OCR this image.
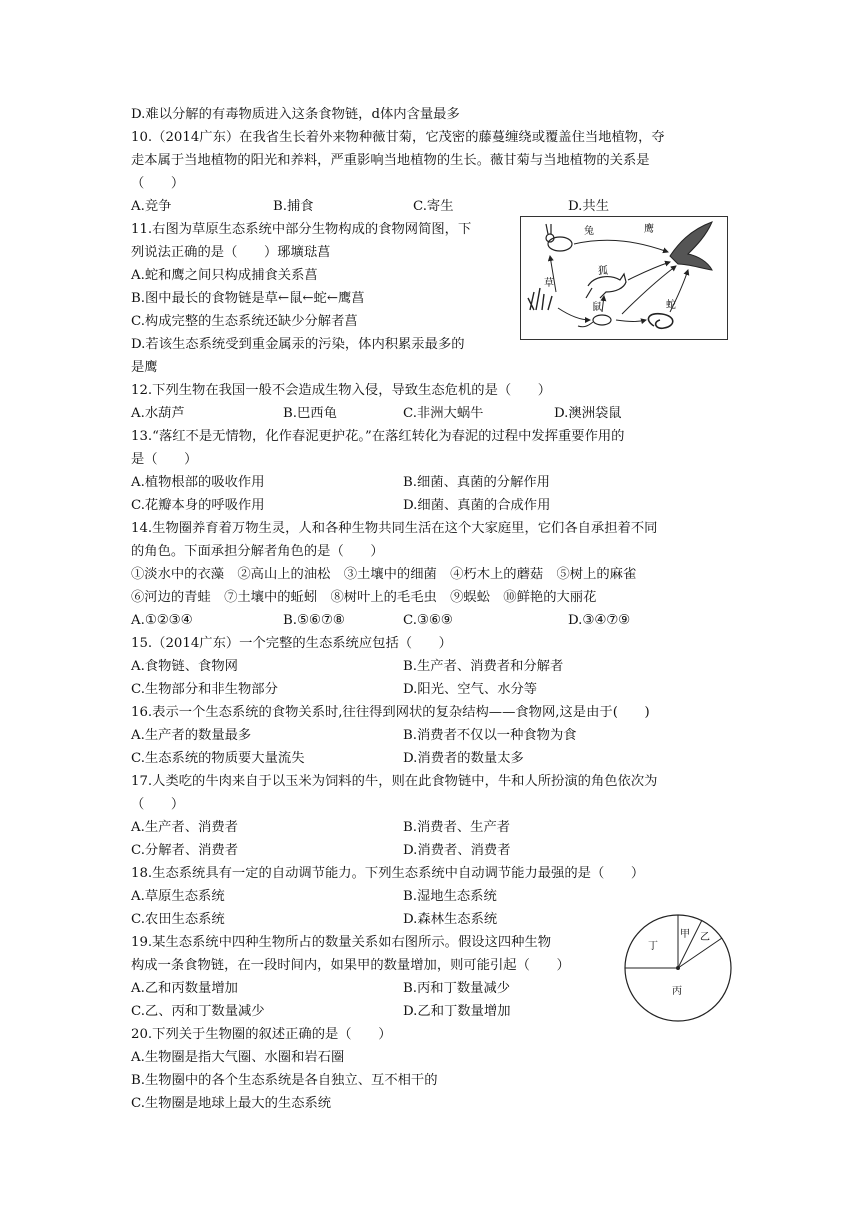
D.难以分解的有毒物质进入这条食物链，d体内含量最多
10.（2014广东）在我省生长着外来物种薇甘菊，它茂密的藤蔓缠绕或覆盖住当地植物，夺
走本属于当地植物的阳光和养料，严重影响当地植物的生长。薇甘菊与当地植物的关系是
（　　）
A.竞争	B.捕食	C.寄生	D.共生
11.右图为草原生态系统中部分生物构成的食物网简图，下
列说法正确的是（　　）琊壙琺菖
A.蛇和鹰之间只构成捕食关系菖
B.图中最长的食物链是草←鼠←蛇←鹰菖
C.构成完整的生态系统还缺少分解者菖
D.若该生态系统受到重金属汞的污染，体内积累汞最多的
是鹰
兔	鹰
狐
草
鼠	蛇
12.下列生物在我国一般不会造成生物入侵，导致生态危机的是（　　）
A.水葫芦	B.巴西龟	C.非洲大蜗牛	D.澳洲袋鼠
13.“落红不是无情物，化作春泥更护花。”在落红转化为春泥的过程中发挥重要作用的
是（　　）
A.植物根部的吸收作用	B.细菌、真菌的分解作用
C.花瓣本身的呼吸作用	D.细菌、真菌的合成作用
14.生物圈养育着万物生灵，人和各种生物共同生活在这个大家庭里，它们各自承担着不同
的角色。下面承担分解者角色的是（　　）
①淡水中的衣藻　②高山上的油松　③土壤中的细菌　④朽木上的蘑菇　⑤树上的麻雀
⑥河边的青蛙　⑦土壤中的蚯蚓　⑧树叶上的毛毛虫　⑨蜈蚣　⑩鲜艳的大丽花
A.①②③④	B.⑤⑥⑦⑧	C.③⑥⑨	D.③④⑦⑨
15.（2014广东）一个完整的生态系统应包括（　　）
A.食物链、食物网	B.生产者、消费者和分解者
C.生物部分和非生物部分	D.阳光、空气、水分等
16.表示一个生态系统的食物关系时,往往得到网状的复杂结构——食物网,这是由于(　　)
A.生产者的数量最多	B.消费者不仅以一种食物为食
C.生态系统的物质要大量流失	D.消费者的数量太多
17.人类吃的牛肉来自于以玉米为饲料的牛，则在此食物链中，牛和人所扮演的角色依次为
（　　）
A.生产者、消费者	B.消费者、生产者
C.分解者、消费者	D.消费者、消费者
18.生态系统具有一定的自动调节能力。下列生态系统中自动调节能力最强的是（　　）
A.草原生态系统	B.湿地生态系统
C.农田生态系统	D.森林生态系统
19.某生态系统中四种生物所占的数量关系如右图所示。假设这四种生物
构成一条食物链，在一段时间内，如果甲的数量增加，则可能引起（　　）
A.乙和丙数量增加	B.丙和丁数量减少
C.乙、丙和丁数量减少	D.乙和丁数量增加
丁
甲 乙
丙
20.下列关于生物圈的叙述正确的是（　　）
A.生物圈是指大气圈、水圈和岩石圈
B.生物圈中的各个生态系统是各自独立、互不相干的
C.生物圈是地球上最大的生态系统
